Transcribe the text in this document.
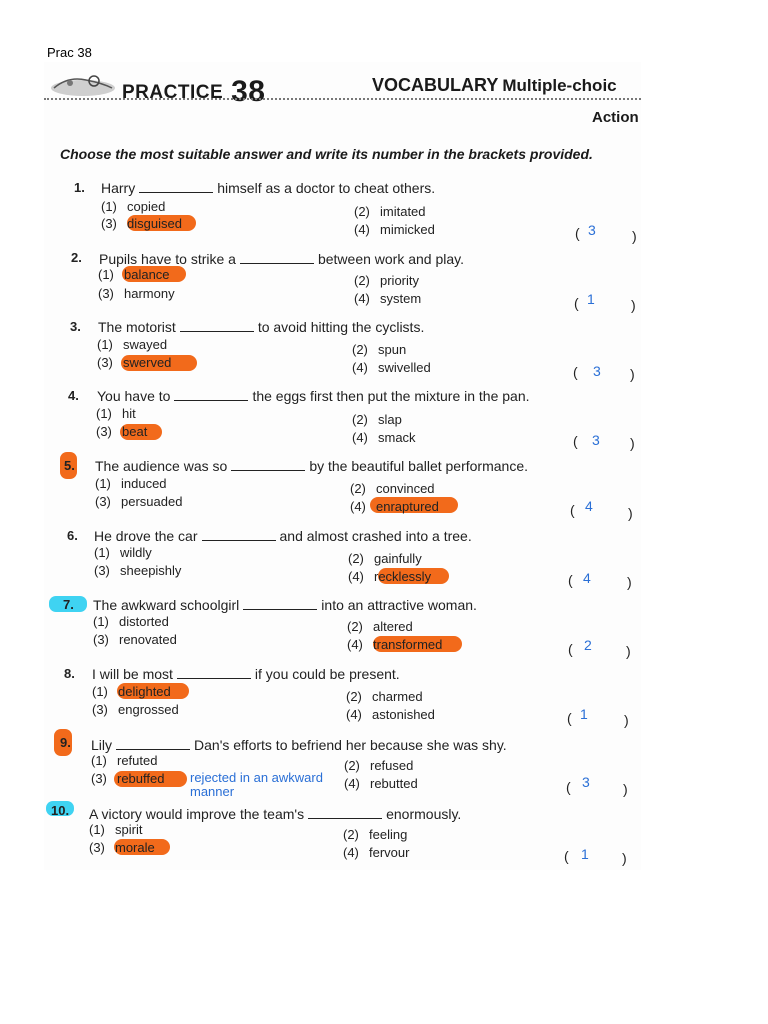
Prac 38
PRACTICE 38	VOCABULARY Multiple-choic
Action
Choose the most suitable answer and write its number in the brackets provided.
1. Harry	himself as a doctor to cheat others.
(1) copied	(2) imitated
(3) disguised	(4) mimicked	( 3	)
2. Pupils have to strike a	between work and play.
(1) balance	(2) priority
(3) harmony	(4) system	( 1	)
3. The motorist	to avoid hitting the cyclists.
(1) swayed	(2) spun
(3) swerved	(4) swivelled	( 3 )
4. You have to	the eggs first then put the mixture in the pan.
(1) hit	(2) slap
(3) beat	(4) smack	( 3 )
5. The audience was so	by the beautiful ballet performance.
(1) induced	(2) convinced
(3) persuaded	(4) enraptured	( 4	)
6. He drove the car	and almost crashed into a tree.
(1) wildly	(2) gainfully
(3) sheepishly	(4) recklessly	( 4	)
7. The awkward schoolgirl	into an attractive woman.
(1) distorted	(2) altered
(3) renovated	(4) transformed	( 2 )
8. I will be most	if you could be present.
(1) delighted	(2) charmed
(3) engrossed	(4) astonished	( 1	)
9. Lily	Dan's efforts to befriend her because she was shy.
(1) refuted	(2) refused
(3) rebuffed	(4) rebutted
rejected in an awkward manner	( 3 )
10. A victory would improve the team's	enormously.
(1) spirit	(2) feeling
(3) morale	(4) fervour	( 1 )
